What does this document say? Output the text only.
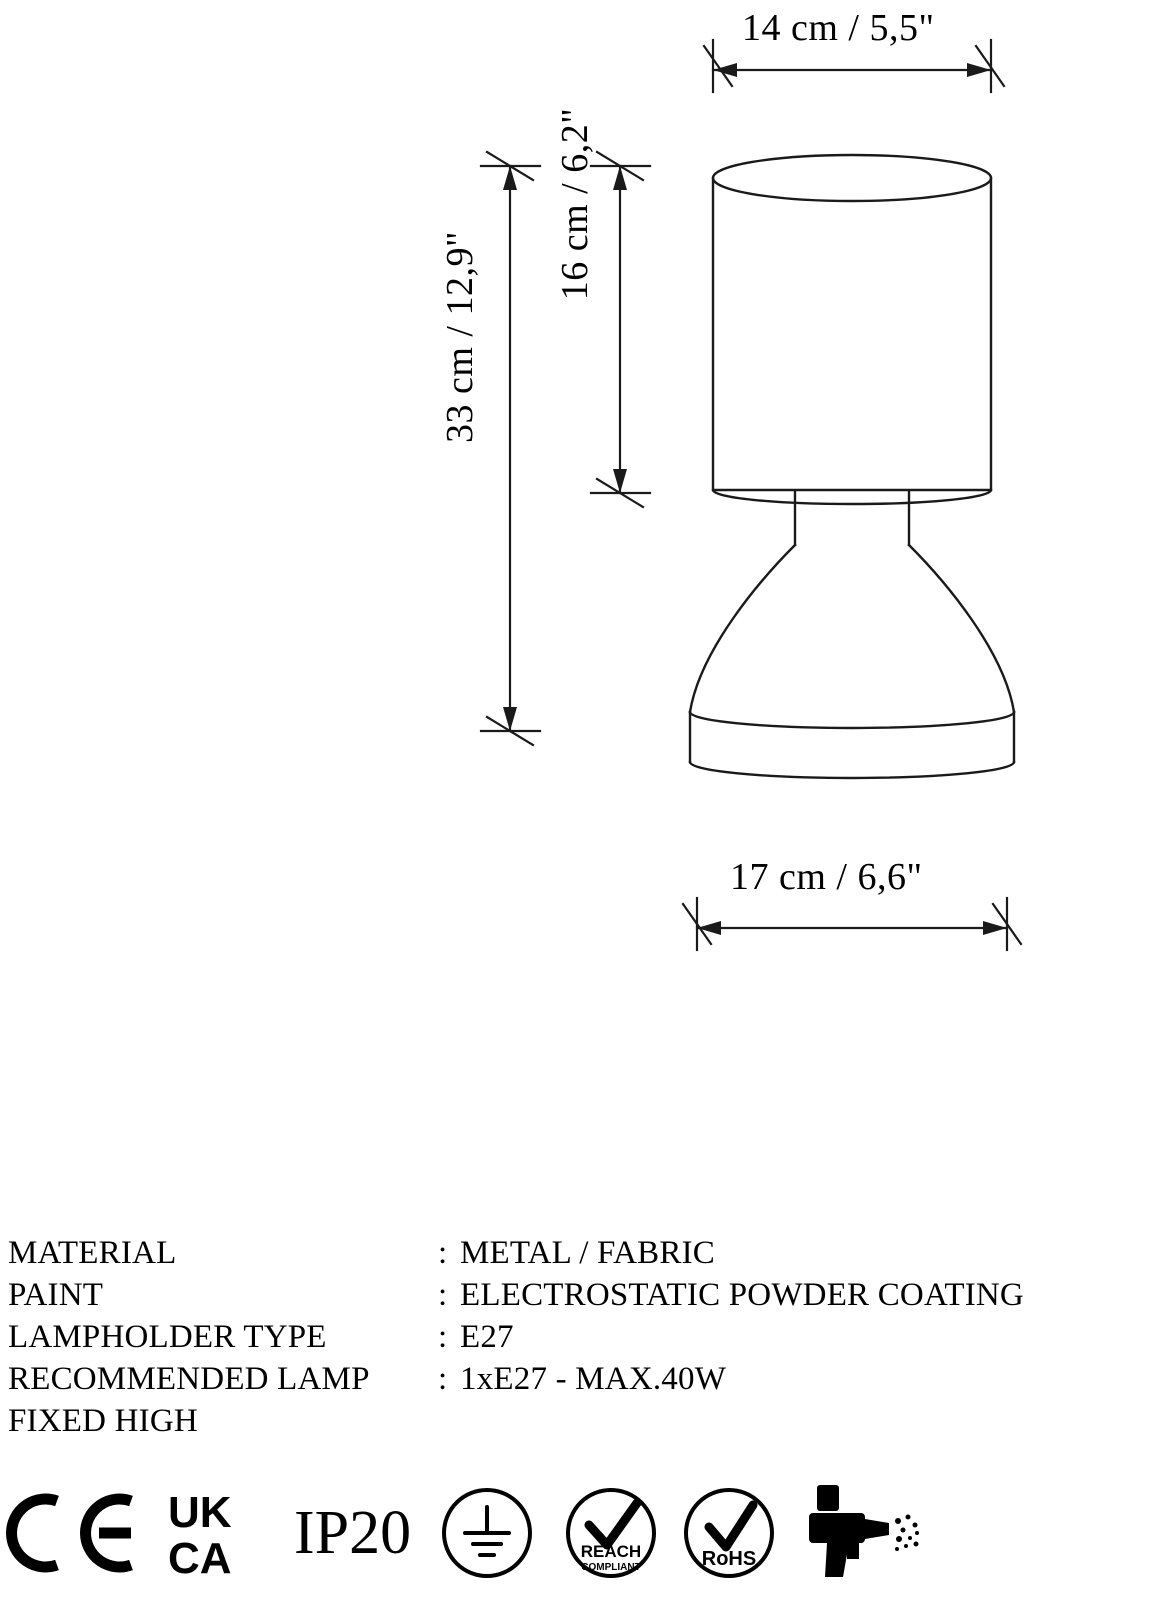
14 cm / 5,5"
17 cm / 6,6"
33 cm / 12,9"
16 cm / 6,2"
MATERIAL	: METAL / FABRIC
PAINT	: ELECTROSTATIC POWDER COATING
LAMPHOLDER TYPE	: E27
RECOMMENDED LAMP	: 1xE27 - MAX.40W
FIXED HIGH
UK
CA IP20	REACH
COMPLIANT	RoHS
